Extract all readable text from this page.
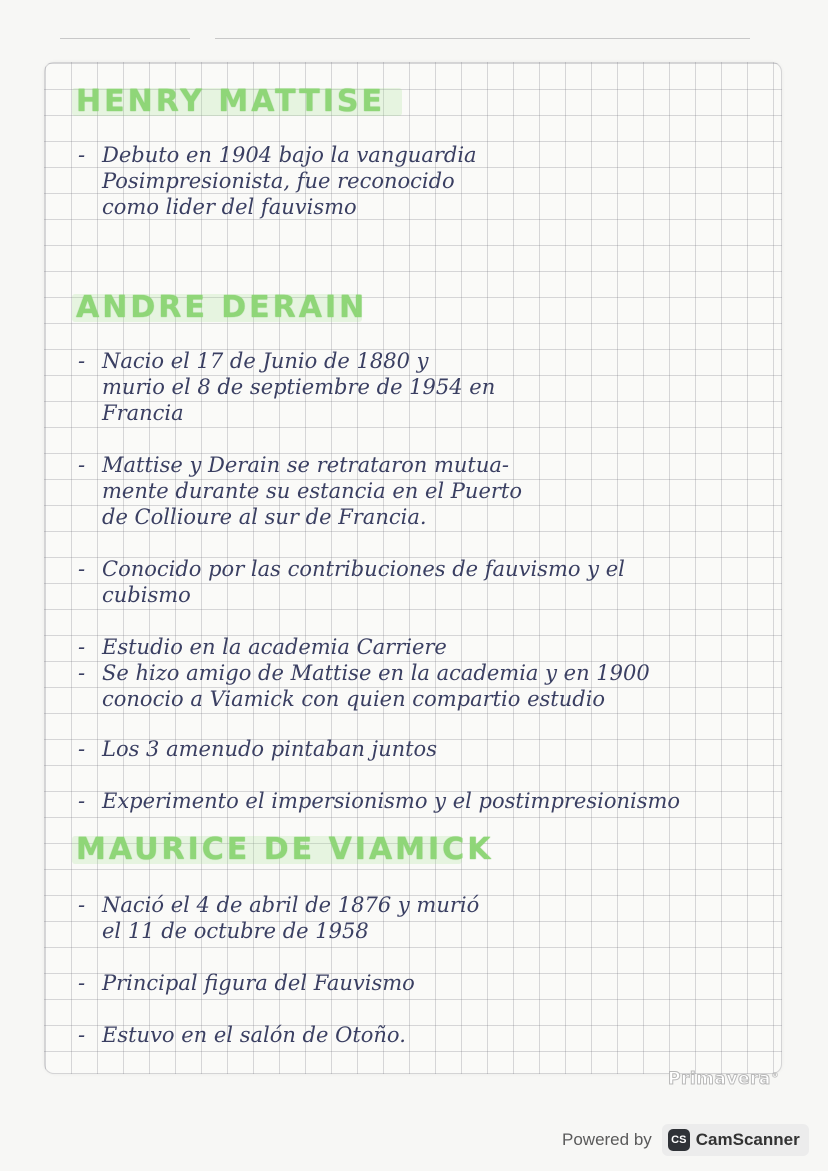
HENRY MATTISE
- Debuto en 1904 bajo la vanguardia
Posimpresionista, fue reconocido
como lider del fauvismo
ANDRE DERAIN
- Nacio el 17 de Junio de 1880 y
murio el 8 de septiembre de 1954 en
Francia
- Mattise y Derain se retrataron mutua-
mente durante su estancia en el Puerto
de Collioure al sur de Francia.
- Conocido por las contribuciones de fauvismo y el
cubismo
- Estudio en la academia Carriere
- Se hizo amigo de Mattise en la academia y en 1900
conocio a Viamick con quien compartio estudio
- Los 3 amenudo pintaban juntos
- Experimento el impersionismo y el postimpresionismo
MAURICE DE VIAMICK
- Nació el 4 de abril de 1876 y murió
el 11 de octubre de 1958
- Principal figura del Fauvismo
- Estuvo en el salón de Otoño.
Primavera®
Powered by	CS CamScanner
